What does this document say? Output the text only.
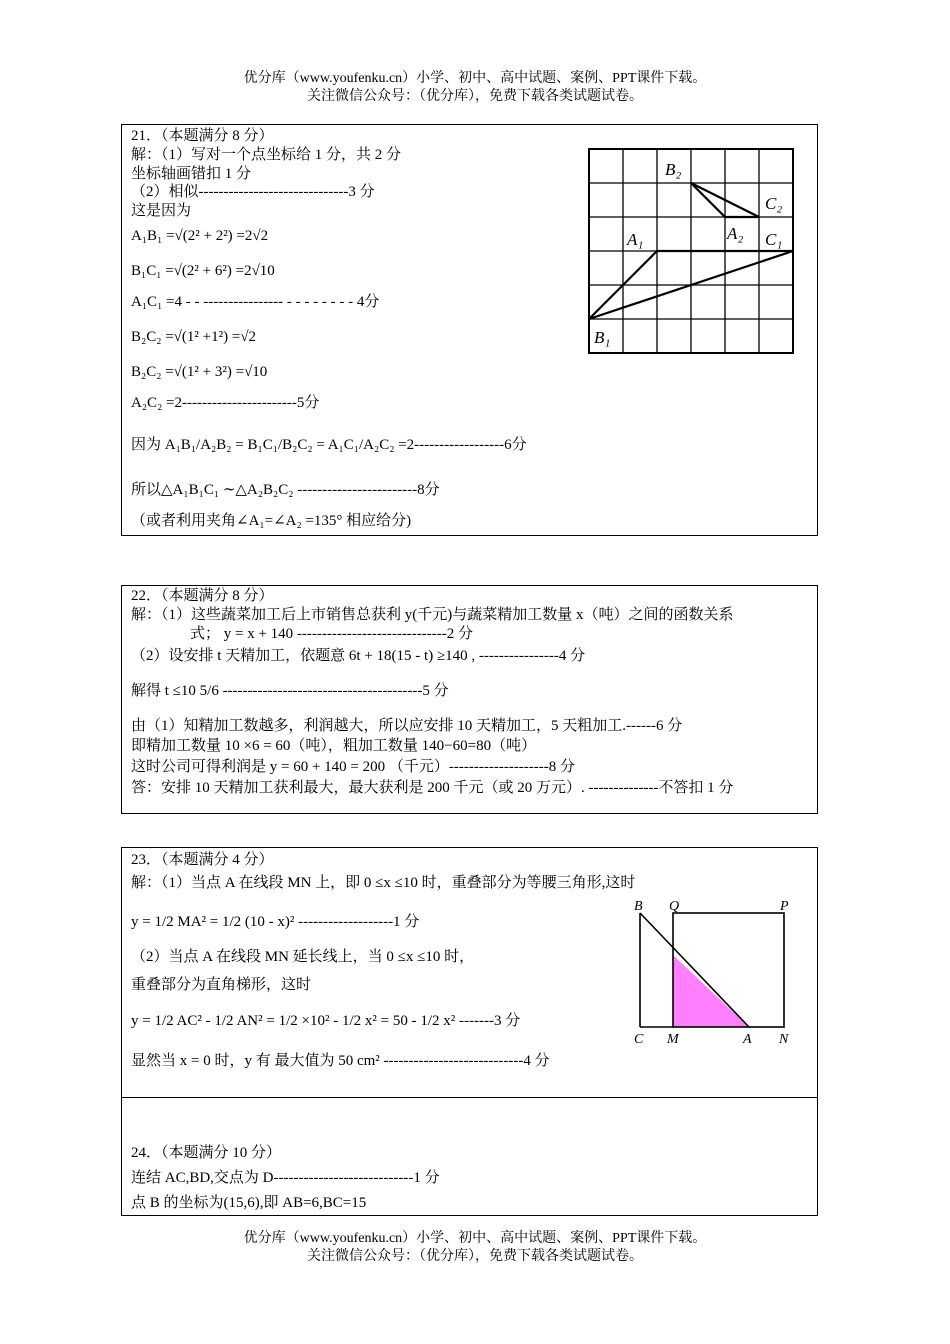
优分库（www.youfenku.cn）小学、初中、高中试题、案例、PPT课件下载。
关注微信公众号：（优分库），免费下载各类试题试卷。
21．（本题满分 8 分）
解：（1）写对一个点坐标给 1 分，共 2 分
坐标轴画错扣 1 分
（2）相似------------------------------3 分
这是因为
A₁B₁ =√(2² + 2²) =2√2
B₁C₁ =√(2² + 6²) =2√10
A₁C₁ =4 - - ---------------- - - - - - - - - 4分
B₂C₂ =√(1² +1²) =√2
B₂C₂ =√(1² + 3²) =√10
A₂C₂ =2-----------------------5分
因为 A₁B₁/A₂B₂ = B₁C₁/B₂C₂ = A₁C₁/A₂C₂ =2------------------6分
所以△A₁B₁C₁ ∼△A₂B₂C₂ ------------------------8分
（或者利用夹角∠A₁=∠A₂ =135° 相应给分)
B₂
C₂
A₁	A₂ C₁
B₁
22．（本题满分 8 分）
解：（1）这些蔬菜加工后上市销售总获利 y(千元)与蔬菜精加工数量 x（吨）之间的函数关系
式； y = x + 140 ------------------------------2 分
（2）设安排 t 天精加工，依题意 6t + 18(15 - t) ≥140 , ----------------4 分
解得 t ≤10 5/6 ----------------------------------------5 分
由（1）知精加工数越多，利润越大，所以应安排 10 天精加工，5 天粗加工.------6 分
即精加工数量 10 ×6 = 60（吨），粗加工数量 140−60=80（吨）
这时公司可得利润是 y = 60 + 140 = 200 （千元）--------------------8 分
答：安排 10 天精加工获利最大，最大获利是 200 千元（或 20 万元）. --------------不答扣 1 分
23．（本题满分 4 分）
解：（1）当点 A 在线段 MN 上，即 0 ≤x ≤10 时，重叠部分为等腰三角形,这时
y = 1/2 MA² = 1/2 (10 - x)² -------------------1 分
（2）当点 A 在线段 MN 延长线上，当 0 ≤x ≤10 时，
重叠部分为直角梯形，这时
y = 1/2 AC² - 1/2 AN² = 1/2 ×10² - 1/2 x² = 50 - 1/2 x² -------3 分
显然当 x = 0 时，y 有 最大值为 50 cm² ----------------------------4 分
B Q	P
C M	A N
24．（本题满分 10 分）
连结 AC,BD,交点为 D----------------------------1 分
点 B 的坐标为(15,6),即 AB=6,BC=15
优分库（www.youfenku.cn）小学、初中、高中试题、案例、PPT课件下载。
关注微信公众号：（优分库），免费下载各类试题试卷。
